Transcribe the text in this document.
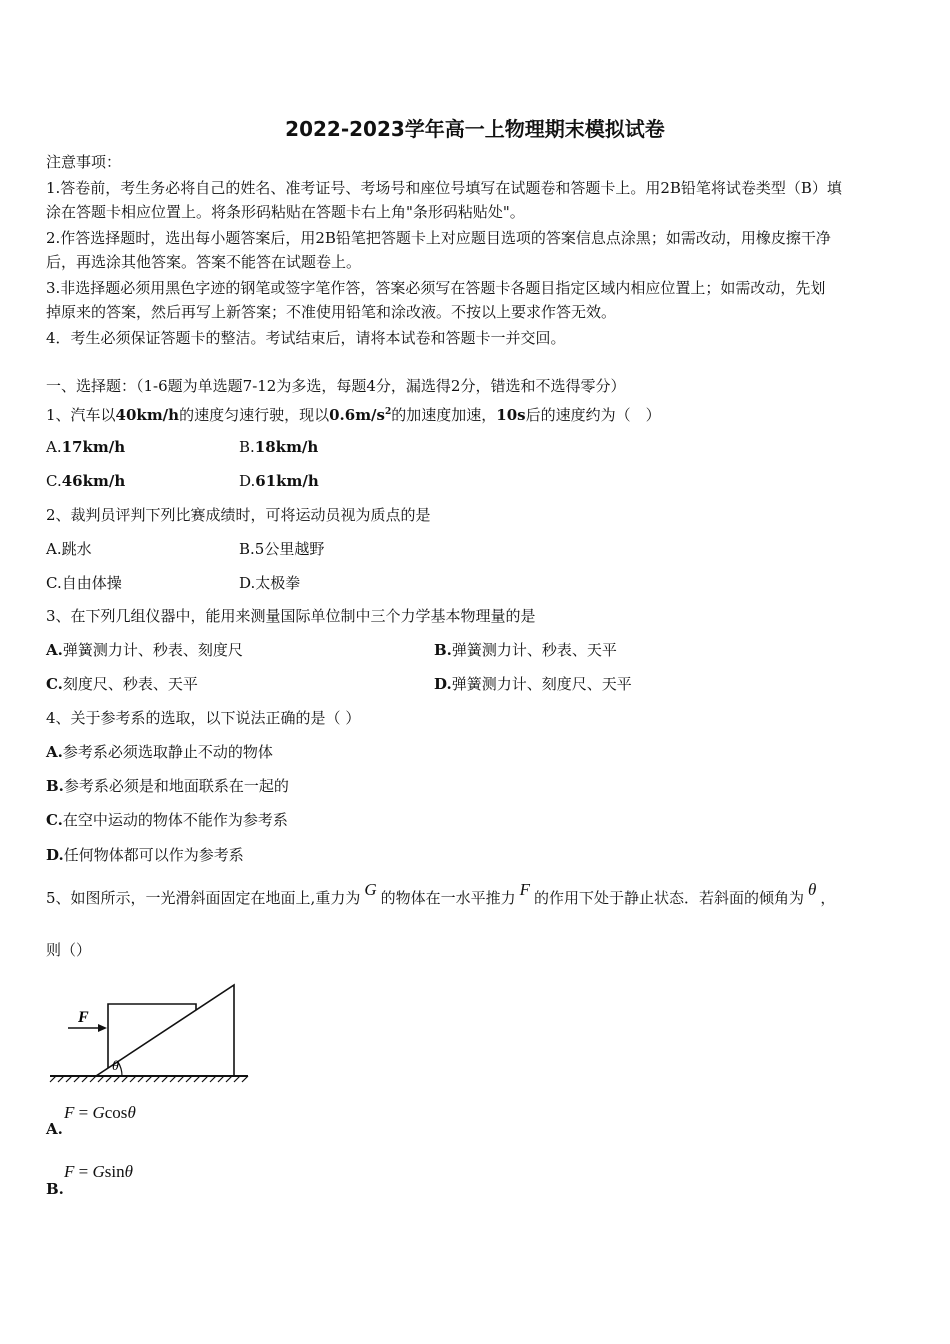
2022-2023学年高一上物理期末模拟试卷
注意事项：
1.答卷前，考生务必将自己的姓名、准考证号、考场号和座位号填写在试题卷和答题卡上。用2B铅笔将试卷类型（B）填
涂在答题卡相应位置上。将条形码粘贴在答题卡右上角"条形码粘贴处"。
2.作答选择题时，选出每小题答案后，用2B铅笔把答题卡上对应题目选项的答案信息点涂黑；如需改动，用橡皮擦干净
后，再选涂其他答案。答案不能答在试题卷上。
3.非选择题必须用黑色字迹的钢笔或签字笔作答，答案必须写在答题卡各题目指定区域内相应位置上；如需改动，先划
掉原来的答案，然后再写上新答案；不准使用铅笔和涂改液。不按以上要求作答无效。
4．考生必须保证答题卡的整洁。考试结束后，请将本试卷和答题卡一并交回。
一、选择题：（1-6题为单选题7-12为多选，每题4分，漏选得2分，错选和不选得零分）
1、汽车以40km/h的速度匀速行驶，现以$0.6m/s^2$的加速度加速，10s后的速度约为（　）
A.17km/h	B.18km/h
C.46km/h	D.61km/h
2、裁判员评判下列比赛成绩时，可将运动员视为质点的是
A.跳水	B.5公里越野
C.自由体操	D.太极拳
3、在下列几组仪器中，能用来测量国际单位制中三个力学基本物理量的是
A.弹簧测力计、秒表、刻度尺	B.弹簧测力计、秒表、天平
C.刻度尺、秒表、天平	D.弹簧测力计、刻度尺、天平
4、关于参考系的选取，以下说法正确的是（ ）
A.参考系必须选取静止不动的物体
B.参考系必须是和地面联系在一起的
C.在空中运动的物体不能作为参考系
D.任何物体都可以作为参考系
5、如图所示，一光滑斜面固定在地面上,重力为 G 的物体在一水平推力 F 的作用下处于静止状态．若斜面的倾角为 θ ，
则（）
F
θ
A.
F = Gcosθ
B.
F = Gsinθ
